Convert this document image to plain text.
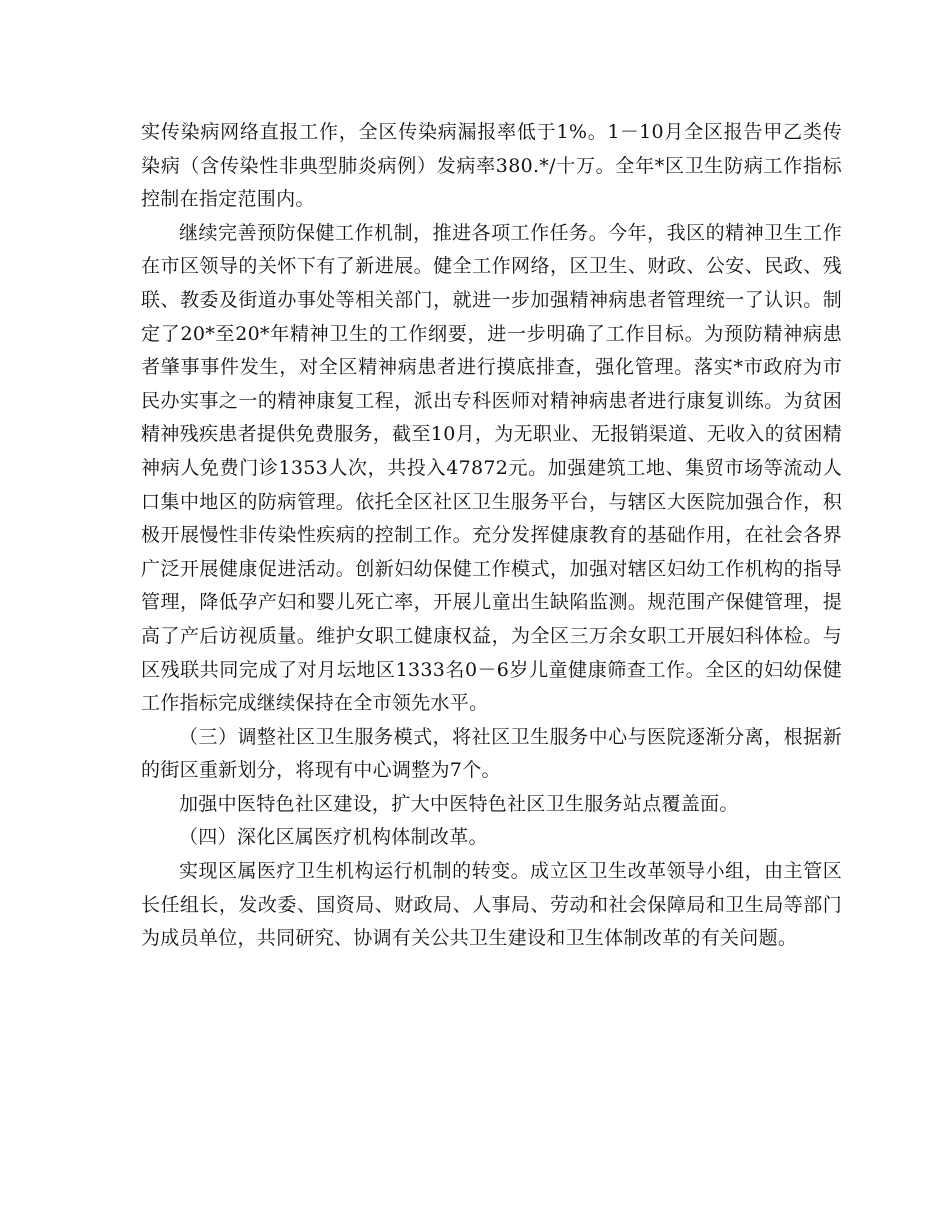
实传染病网络直报工作，全区传染病漏报率低于1%。1－10月全区报告甲乙类传染病（含传染性非典型肺炎病例）发病率380.*/十万。全年*区卫生防病工作指标控制在指定范围内。

继续完善预防保健工作机制，推进各项工作任务。今年，我区的精神卫生工作在市区领导的关怀下有了新进展。健全工作网络，区卫生、财政、公安、民政、残联、教委及街道办事处等相关部门，就进一步加强精神病患者管理统一了认识。制定了20*至20*年精神卫生的工作纲要，进一步明确了工作目标。为预防精神病患者肇事事件发生，对全区精神病患者进行摸底排查，强化管理。落实*市政府为市民办实事之一的精神康复工程，派出专科医师对精神病患者进行康复训练。为贫困精神残疾患者提供免费服务，截至10月，为无职业、无报销渠道、无收入的贫困精神病人免费门诊1353人次，共投入47872元。加强建筑工地、集贸市场等流动人口集中地区的防病管理。依托全区社区卫生服务平台，与辖区大医院加强合作，积极开展慢性非传染性疾病的控制工作。充分发挥健康教育的基础作用，在社会各界广泛开展健康促进活动。创新妇幼保健工作模式，加强对辖区妇幼工作机构的指导管理，降低孕产妇和婴儿死亡率，开展儿童出生缺陷监测。规范围产保健管理，提高了产后访视质量。维护女职工健康权益，为全区三万余女职工开展妇科体检。与区残联共同完成了对月坛地区1333名0－6岁儿童健康筛查工作。全区的妇幼保健工作指标完成继续保持在全市领先水平。

（三）调整社区卫生服务模式，将社区卫生服务中心与医院逐渐分离，根据新的街区重新划分，将现有中心调整为7个。

加强中医特色社区建设，扩大中医特色社区卫生服务站点覆盖面。

（四）深化区属医疗机构体制改革。

实现区属医疗卫生机构运行机制的转变。成立区卫生改革领导小组，由主管区长任组长，发改委、国资局、财政局、人事局、劳动和社会保障局和卫生局等部门为成员单位，共同研究、协调有关公共卫生建设和卫生体制改革的有关问题。
